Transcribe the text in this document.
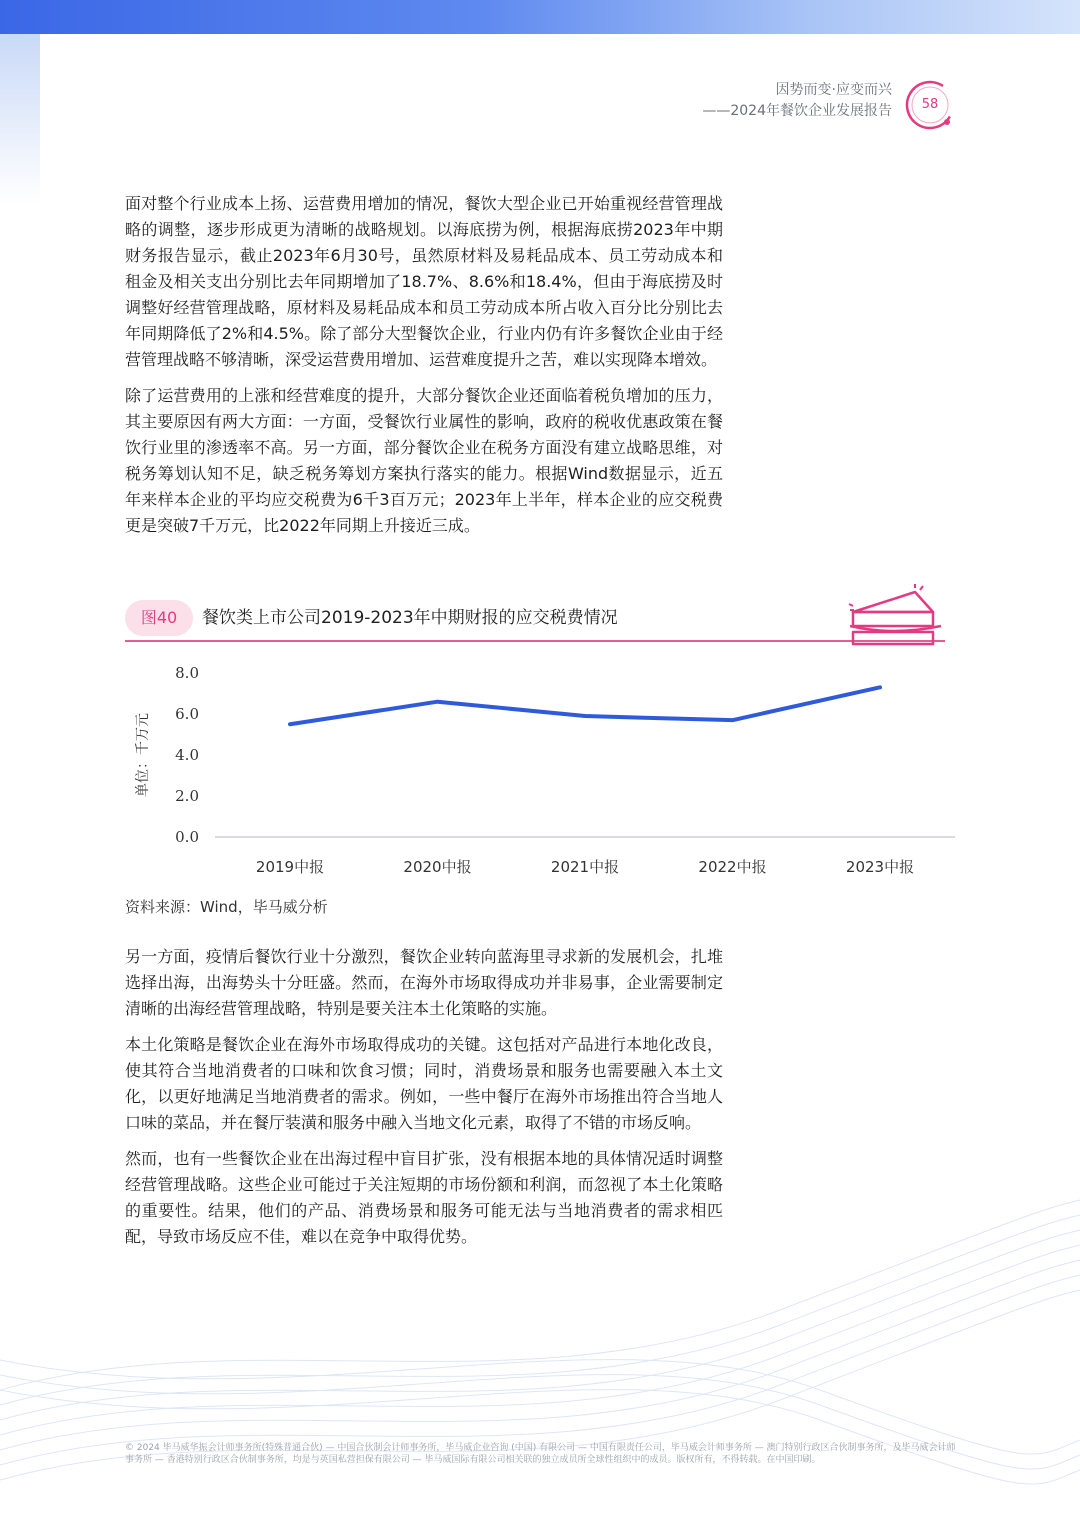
因势而变·应变而兴
——2024年餐饮企业发展报告	58

面对整个行业成本上扬、运营费用增加的情况，餐饮大型企业已开始重视经营管理战略的调整，逐步形成更为清晰的战略规划。以海底捞为例，根据海底捞2023年中期财务报告显示，截止2023年6月30号，虽然原材料及易耗品成本、员工劳动成本和租金及相关支出分别比去年同期增加了18.7%、8.6%和18.4%，但由于海底捞及时调整好经营管理战略，原材料及易耗品成本和员工劳动成本所占收入百分比分别比去年同期降低了2%和4.5%。除了部分大型餐饮企业，行业内仍有许多餐饮企业由于经营管理战略不够清晰，深受运营费用增加、运营难度提升之苦，难以实现降本增效。

除了运营费用的上涨和经营难度的提升，大部分餐饮企业还面临着税负增加的压力，其主要原因有两大方面：一方面，受餐饮行业属性的影响，政府的税收优惠政策在餐饮行业里的渗透率不高。另一方面，部分餐饮企业在税务方面没有建立战略思维，对税务筹划认知不足，缺乏税务筹划方案执行落实的能力。根据Wind数据显示，近五年来样本企业的平均应交税费为6千3百万元；2023年上半年，样本企业的应交税费更是突破7千万元，比2022年同期上升接近三成。

图40	餐饮类上市公司2019-2023年中期财报的应交税费情况
0.0
2.0
4.0
6.0
8.0
单位：千万元
2019中报	2020中报	2021中报	2022中报	2023中报
资料来源：Wind，毕马威分析

另一方面，疫情后餐饮行业十分激烈，餐饮企业转向蓝海里寻求新的发展机会，扎堆选择出海，出海势头十分旺盛。然而，在海外市场取得成功并非易事，企业需要制定清晰的出海经营管理战略，特别是要关注本土化策略的实施。

本土化策略是餐饮企业在海外市场取得成功的关键。这包括对产品进行本地化改良，使其符合当地消费者的口味和饮食习惯；同时，消费场景和服务也需要融入本土文化，以更好地满足当地消费者的需求。例如，一些中餐厅在海外市场推出符合当地人口味的菜品，并在餐厅装潢和服务中融入当地文化元素，取得了不错的市场反响。

然而，也有一些餐饮企业在出海过程中盲目扩张，没有根据本地的具体情况适时调整经营管理战略。这些企业可能过于关注短期的市场份额和利润，而忽视了本土化策略的重要性。结果，他们的产品、消费场景和服务可能无法与当地消费者的需求相匹配，导致市场反应不佳，难以在竞争中取得优势。

© 2024 毕马威华振会计师事务所(特殊普通合伙) — 中国合伙制会计师事务所，毕马威企业咨询 (中国) 有限公司 — 中国有限责任公司，毕马威会计师事务所 — 澳门特别行政区合伙制事务所，及毕马威会计师事务所 — 香港特别行政区合伙制事务所，均是与英国私营担保有限公司 — 毕马威国际有限公司相关联的独立成员所全球性组织中的成员。版权所有，不得转载。在中国印刷。
